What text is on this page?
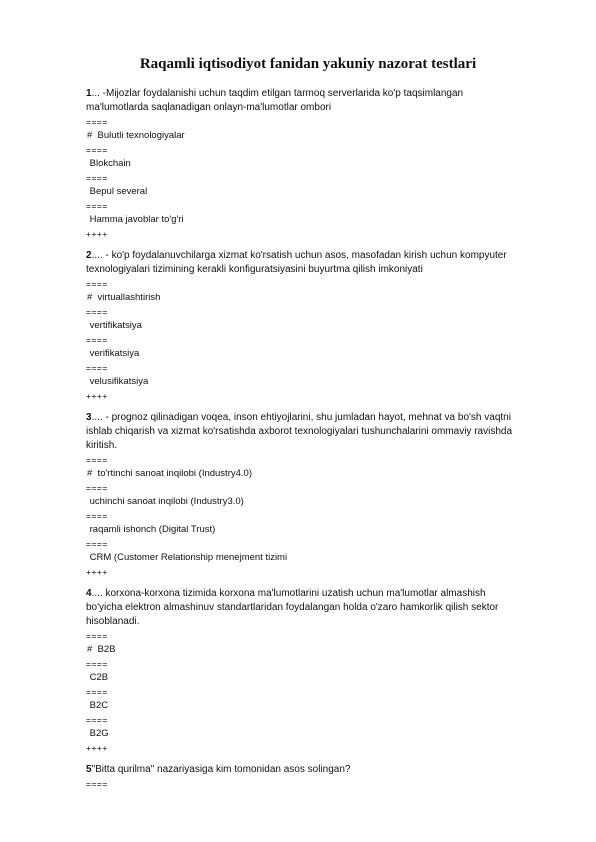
Raqamli iqtisodiyot fanidan yakuniy nazorat testlari

1... -Mijozlar foydalanishi uchun taqdim etilgan tarmoq serverlarida ko'p taqsimlangan ma'lumotlarda saqlanadigan onlayn-ma'lumotlar ombori

====
#  Bulutli texnologiyalar
====
Blokchain
====
Bepul several
====
Hamma javoblar to'g'ri
++++

2.... - ko'p foydalanuvchilarga xizmat ko'rsatish uchun asos, masofadan kirish uchun kompyuter texnologiyalari tizimining kerakli konfiguratsiyasini buyurtma qilish imkoniyati

====
#  virtuallashtirish
====
vertifikatsiya
====
verifikatsiya
====
velusifikatsiya
++++

3.... - prognoz qilinadigan voqea, inson ehtiyojlarini, shu jumladan hayot, mehnat va bo'sh vaqtni ishlab chiqarish va xizmat ko'rsatishda axborot texnologiyalari tushunchalarini ommaviy ravishda kiritish.

====
#  to'rtinchi sanoat inqilobi (Industry4.0)
====
uchinchi sanoat inqilobi (Industry3.0)
====
raqamli ishonch (Digital Trust)
====
CRM (Customer Relationship menejment tizimi
++++

4.... korxona-korxona tizimida korxona ma'lumotlarini uzatish uchun ma'lumotlar almashish bo'yicha elektron almashinuv standartlaridan foydalangan holda o'zaro hamkorlik qilish sektor hisoblanadi.

====
#  B2B
====
C2B
====
B2C
====
B2G
++++

5"Bitta qurilma" nazariyasiga kim tomonidan asos solingan?

====
